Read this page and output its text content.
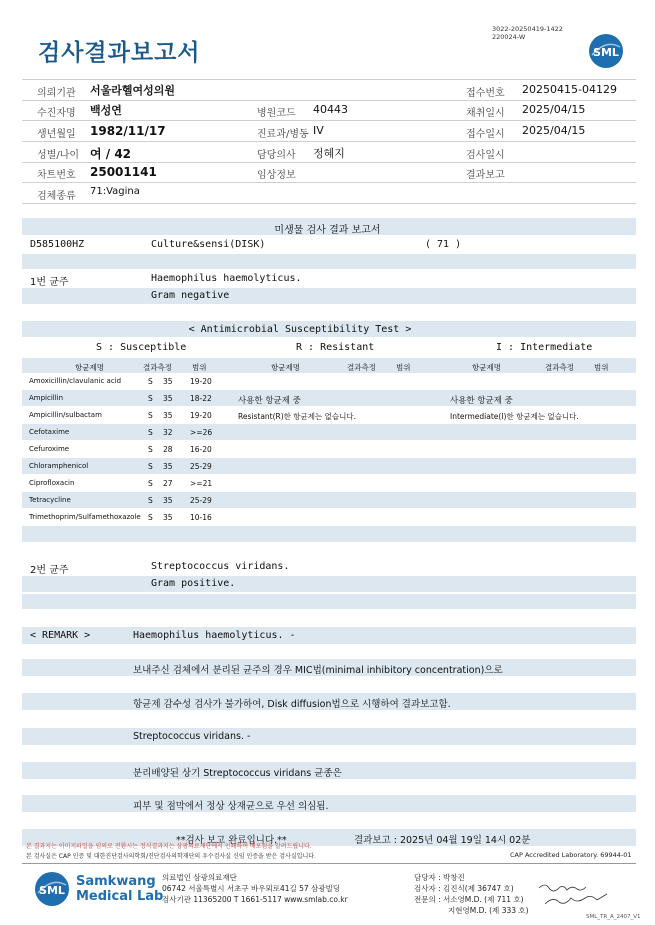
검사결과보고서
3022-20250419-1422
220024-W
SML
의뢰기관 서울라헬여성의원	접수번호 20250415-04129
수진자명 백성연	병원코드 40443	채취일시 2025/04/15
생년월일 1982/11/17	진료과/병동 IV	접수일시 2025/04/15
성별/나이 여 / 42	담당의사 정혜지	검사일시
차트번호 25001141	임상정보	결과보고
검체종류 71:Vagina
미생물 검사 결과 보고서
D585100HZ	Culture&sensi(DISK)	( 71 )
1번 균주	Haemophilus haemolyticus.
Gram negative
< Antimicrobial Susceptibility Test >
S : Susceptible	R : Resistant	I : Intermediate
항균제명	결과측정	범위	항균제명	결과측정	범위	항균제명	결과측정	범위
Amoxicillin/clavulanic acid	S 35 19-20
Ampicillin	S 35 18-22
Ampicillin/sulbactam	S 35 19-20
Cefotaxime	S 32 >=26
Cefuroxime	S 28 16-20
Chloramphenicol	S 35 25-29
Ciprofloxacin	S 27 >=21
Tetracycline	S 35 25-29
Trimethoprim/Sulfamethoxazole S 35 10-16
사용한 항균제 중
Resistant(R)한 항균제는 없습니다.
사용한 항균제 중
Intermediate(I)한 항균제는 없습니다.
2번 균주	Streptococcus viridans.
Gram positive.
< REMARK >	Haemophilus haemolyticus. -
보내주신 검체에서 분리된 균주의 경우 MIC법(minimal inhibitory concentration)으로
항균제 감수성 검사가 불가하여, Disk diffusion법으로 시행하여 결과보고함.
Streptococcus viridans. -
분리배양된 상기 Streptococcus viridans 균종은
피부 및 점막에서 정상 상재균으로 우선 의심됨.
**검사 보고 완료입니다.**	결과보고 : 2025년 04월 19일 14시 02분
본 결과지는 이미지파일을 임의로 전환시는 정식결과지는 삼광의료재단에서 인쇄하여 배포됨을 알려드립니다.
본 검사실은 CAP 인증 및 대한진단검사의학회/진단검사의학재단의 우수검사실 신임 인증을 받은 검사실입니다.	CAP Accredited Laboratory. 69944-01
SML
Samkwang
Medical Lab
의료법인 삼광의료재단
06742 서울특별시 서초구 바우뫼로41길 57 삼광빌딩
검사기관 11365200 T 1661-5117 www.smlab.co.kr
담당자 : 박창진
검사자 : 김진식(제 36747 호)
전문의 : 서소영M.D. (제 711 호)
지현영M.D. (제 333 호)
SML_TR_A_2407_V1
